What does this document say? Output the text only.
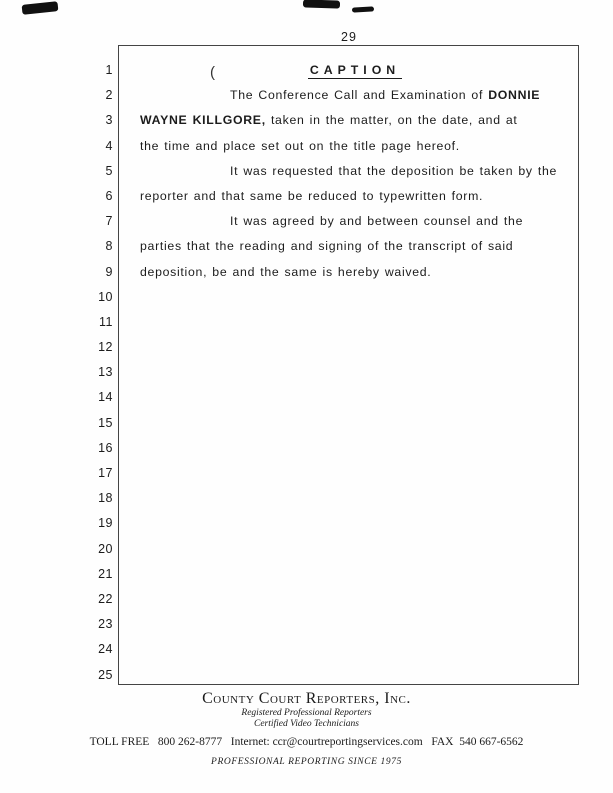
29
1
2
3
4
5
6
7
8
9
10
11
12
13
14
15
16
17
18
19
20
21
22
23
24
25
(	CAPTION
The Conference Call and Examination of DONNIE
WAYNE KILLGORE, taken in the matter, on the date, and at
the time and place set out on the title page hereof.
It was requested that the deposition be taken by the
reporter and that same be reduced to typewritten form.
It was agreed by and between counsel and the
parties that the reading and signing of the transcript of said
deposition, be and the same is hereby waived.
County Court Reporters, Inc.
Registered Professional Reporters
Certified Video Technicians
TOLL FREE   800 262-8777   Internet: ccr@courtreportingservices.com   FAX  540 667-6562
PROFESSIONAL REPORTING SINCE 1975
